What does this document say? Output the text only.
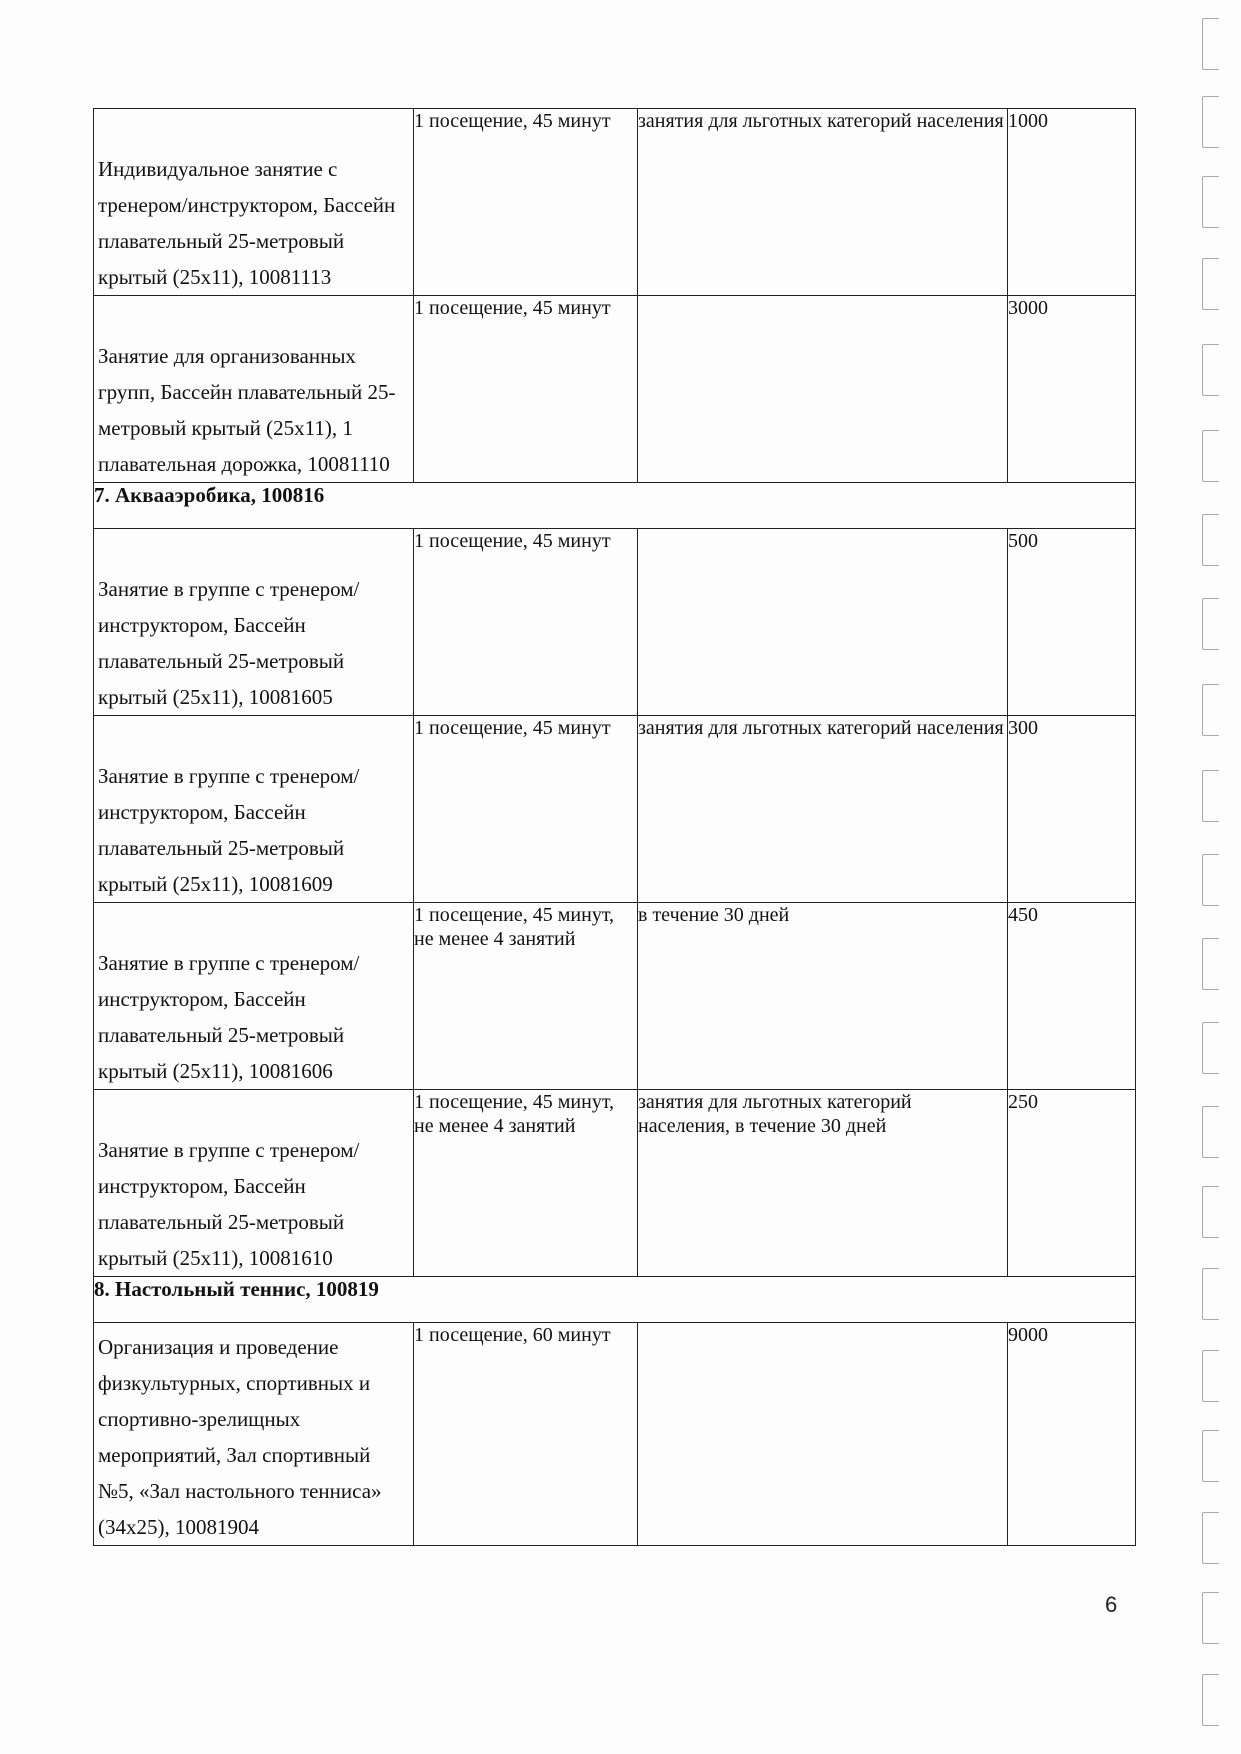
Индивидуальное занятие с тренером/инструктором, Бассейн плавательный 25-метровый крытый (25x11), 10081113	1 посещение, 45 минут	занятия для льготных категорий населения	1000

Занятие для организованных групп, Бассейн плавательный 25-метровый крытый (25x11), 1 плавательная дорожка, 10081110	1 посещение, 45 минут		3000
7. Аквааэробика, 100816			

Занятие в группе с тренером/инструктором, Бассейн плавательный 25-метровый крытый (25x11), 10081605	1 посещение, 45 минут		500

Занятие в группе с тренером/инструктором, Бассейн плавательный 25-метровый крытый (25x11), 10081609	1 посещение, 45 минут	занятия для льготных категорий населения	300

Занятие в группе с тренером/инструктором, Бассейн плавательный 25-метровый крытый (25x11), 10081606	1 посещение, 45 минут, не менее 4 занятий	в течение 30 дней	450

Занятие в группе с тренером/инструктором, Бассейн плавательный 25-метровый крытый (25x11), 10081610	1 посещение, 45 минут, не менее 4 занятий	занятия для льготных категорий населения, в течение 30 дней	250
8. Настольный теннис, 100819			

Организация и проведение физкультурных, спортивных и спортивно-зрелищных мероприятий, Зал спортивный №5, «Зал настольного тенниса» (34x25), 10081904	1 посещение, 60 минут		9000
6
